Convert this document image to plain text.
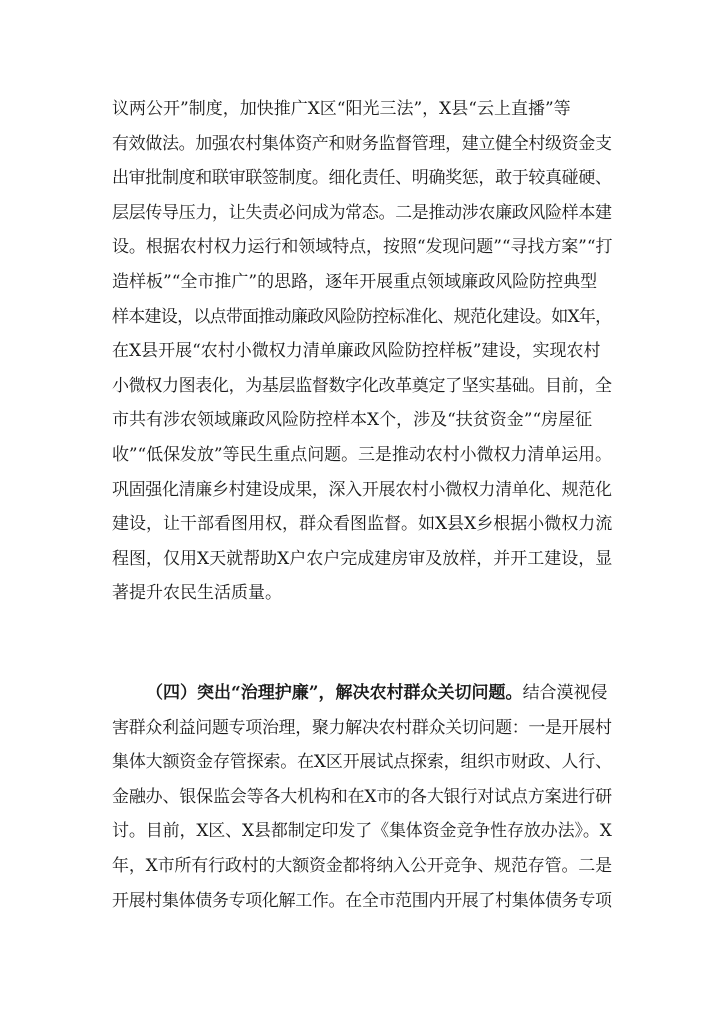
议两公开”制度，加快推广X区“阳光三法”，X县“云上直播”等
有效做法。加强农村集体资产和财务监督管理，建立健全村级资金支
出审批制度和联审联签制度。细化责任、明确奖惩，敢于较真碰硬、
层层传导压力，让失责必问成为常态。二是推动涉农廉政风险样本建
设。根据农村权力运行和领域特点，按照“发现问题”“寻找方案”“打
造样板”“全市推广”的思路，逐年开展重点领域廉政风险防控典型
样本建设，以点带面推动廉政风险防控标准化、规范化建设。如X年，
在X县开展“农村小微权力清单廉政风险防控样板”建设，实现农村
小微权力图表化，为基层监督数字化改革奠定了坚实基础。目前，全
市共有涉农领域廉政风险防控样本X个，涉及“扶贫资金”“房屋征
收”“低保发放”等民生重点问题。三是推动农村小微权力清单运用。
巩固强化清廉乡村建设成果，深入开展农村小微权力清单化、规范化
建设，让干部看图用权，群众看图监督。如X县X乡根据小微权力流
程图，仅用X天就帮助X户农户完成建房审及放样，并开工建设，显
著提升农民生活质量。
（四）突出“治理护廉”，解决农村群众关切问题。结合漠视侵
害群众利益问题专项治理，聚力解决农村群众关切问题：一是开展村
集体大额资金存管探索。在X区开展试点探索，组织市财政、人行、
金融办、银保监会等各大机构和在X市的各大银行对试点方案进行研
讨。目前，X区、X县都制定印发了《集体资金竞争性存放办法》。X
年，X市所有行政村的大额资金都将纳入公开竞争、规范存管。二是
开展村集体债务专项化解工作。在全市范围内开展了村集体债务专项
